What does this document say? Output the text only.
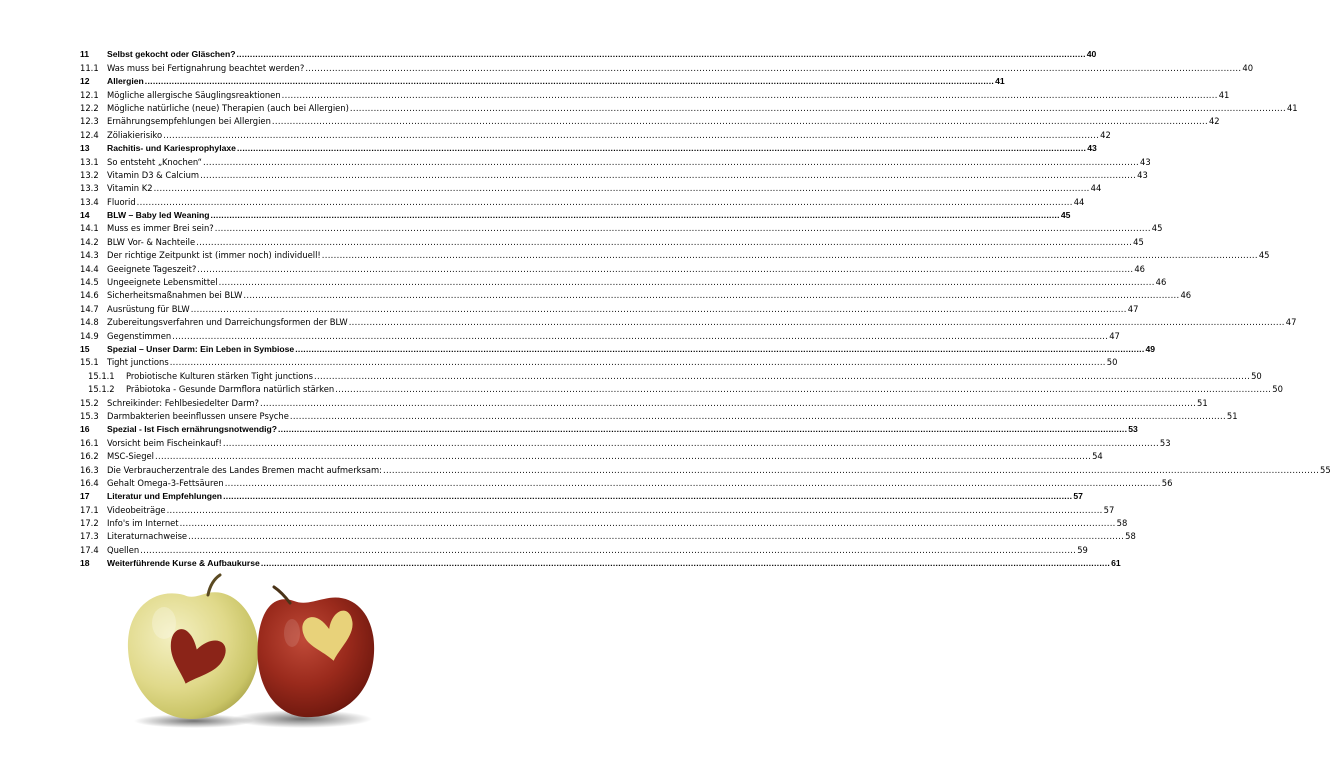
11	Selbst gekocht oder Gläschen? .....	40
11.1 Was muss bei Fertignahrung beachtet werden? .....	40
12	Allergien .....	41
12.1 Mögliche allergische Säuglingsreaktionen .....	41
12.2 Mögliche natürliche (neue) Therapien (auch bei Allergien) .....	41
12.3 Ernährungsempfehlungen bei Allergien .....	42
12.4 Zöliakierisiko .....	42
13	Rachitis- und Kariesprophylaxe .....	43
13.1 So entsteht „Knochen“ .....	43
13.2 Vitamin D3 & Calcium .....	43
13.3 Vitamin K2 .....	44
13.4 Fluorid .....	44
14	BLW – Baby led Weaning .....	45
14.1 Muss es immer Brei sein? .....	45
14.2 BLW Vor- & Nachteile .....	45
14.3 Der richtige Zeitpunkt ist (immer noch) individuell! .....	45
14.4 Geeignete Tageszeit? .....	46
14.5 Ungeeignete Lebensmittel .....	46
14.6 Sicherheitsmaßnahmen bei BLW .....	46
14.7 Ausrüstung für BLW .....	47
14.8 Zubereitungsverfahren und Darreichungsformen der BLW .....	47
14.9 Gegenstimmen .....	47
15	Spezial – Unser Darm: Ein Leben in Symbiose .....	49
15.1 Tight junctions .....	50
15.1.1	Probiotische Kulturen stärken Tight junctions .....	50
15.1.2	Präbiotoka - Gesunde Darmflora natürlich stärken .....	50
15.2 Schreikinder: Fehlbesiedelter Darm? .....	51
15.3 Darmbakterien beeinflussen unsere Psyche .....	51
16	Spezial - Ist Fisch ernährungsnotwendig? .....	53
16.1 Vorsicht beim Fischeinkauf! .....	53
16.2 MSC-Siegel .....	54
16.3 Die Verbraucherzentrale des Landes Bremen macht aufmerksam: .....	55
16.4 Gehalt Omega-3-Fettsäuren .....	56
17	Literatur und Empfehlungen .....	57
17.1 Videobeiträge .....	57
17.2 Info's im Internet .....	58
17.3 Literaturnachweise .....	58
17.4 Quellen .....	59
18	Weiterführende Kurse & Aufbaukurse .....	61
